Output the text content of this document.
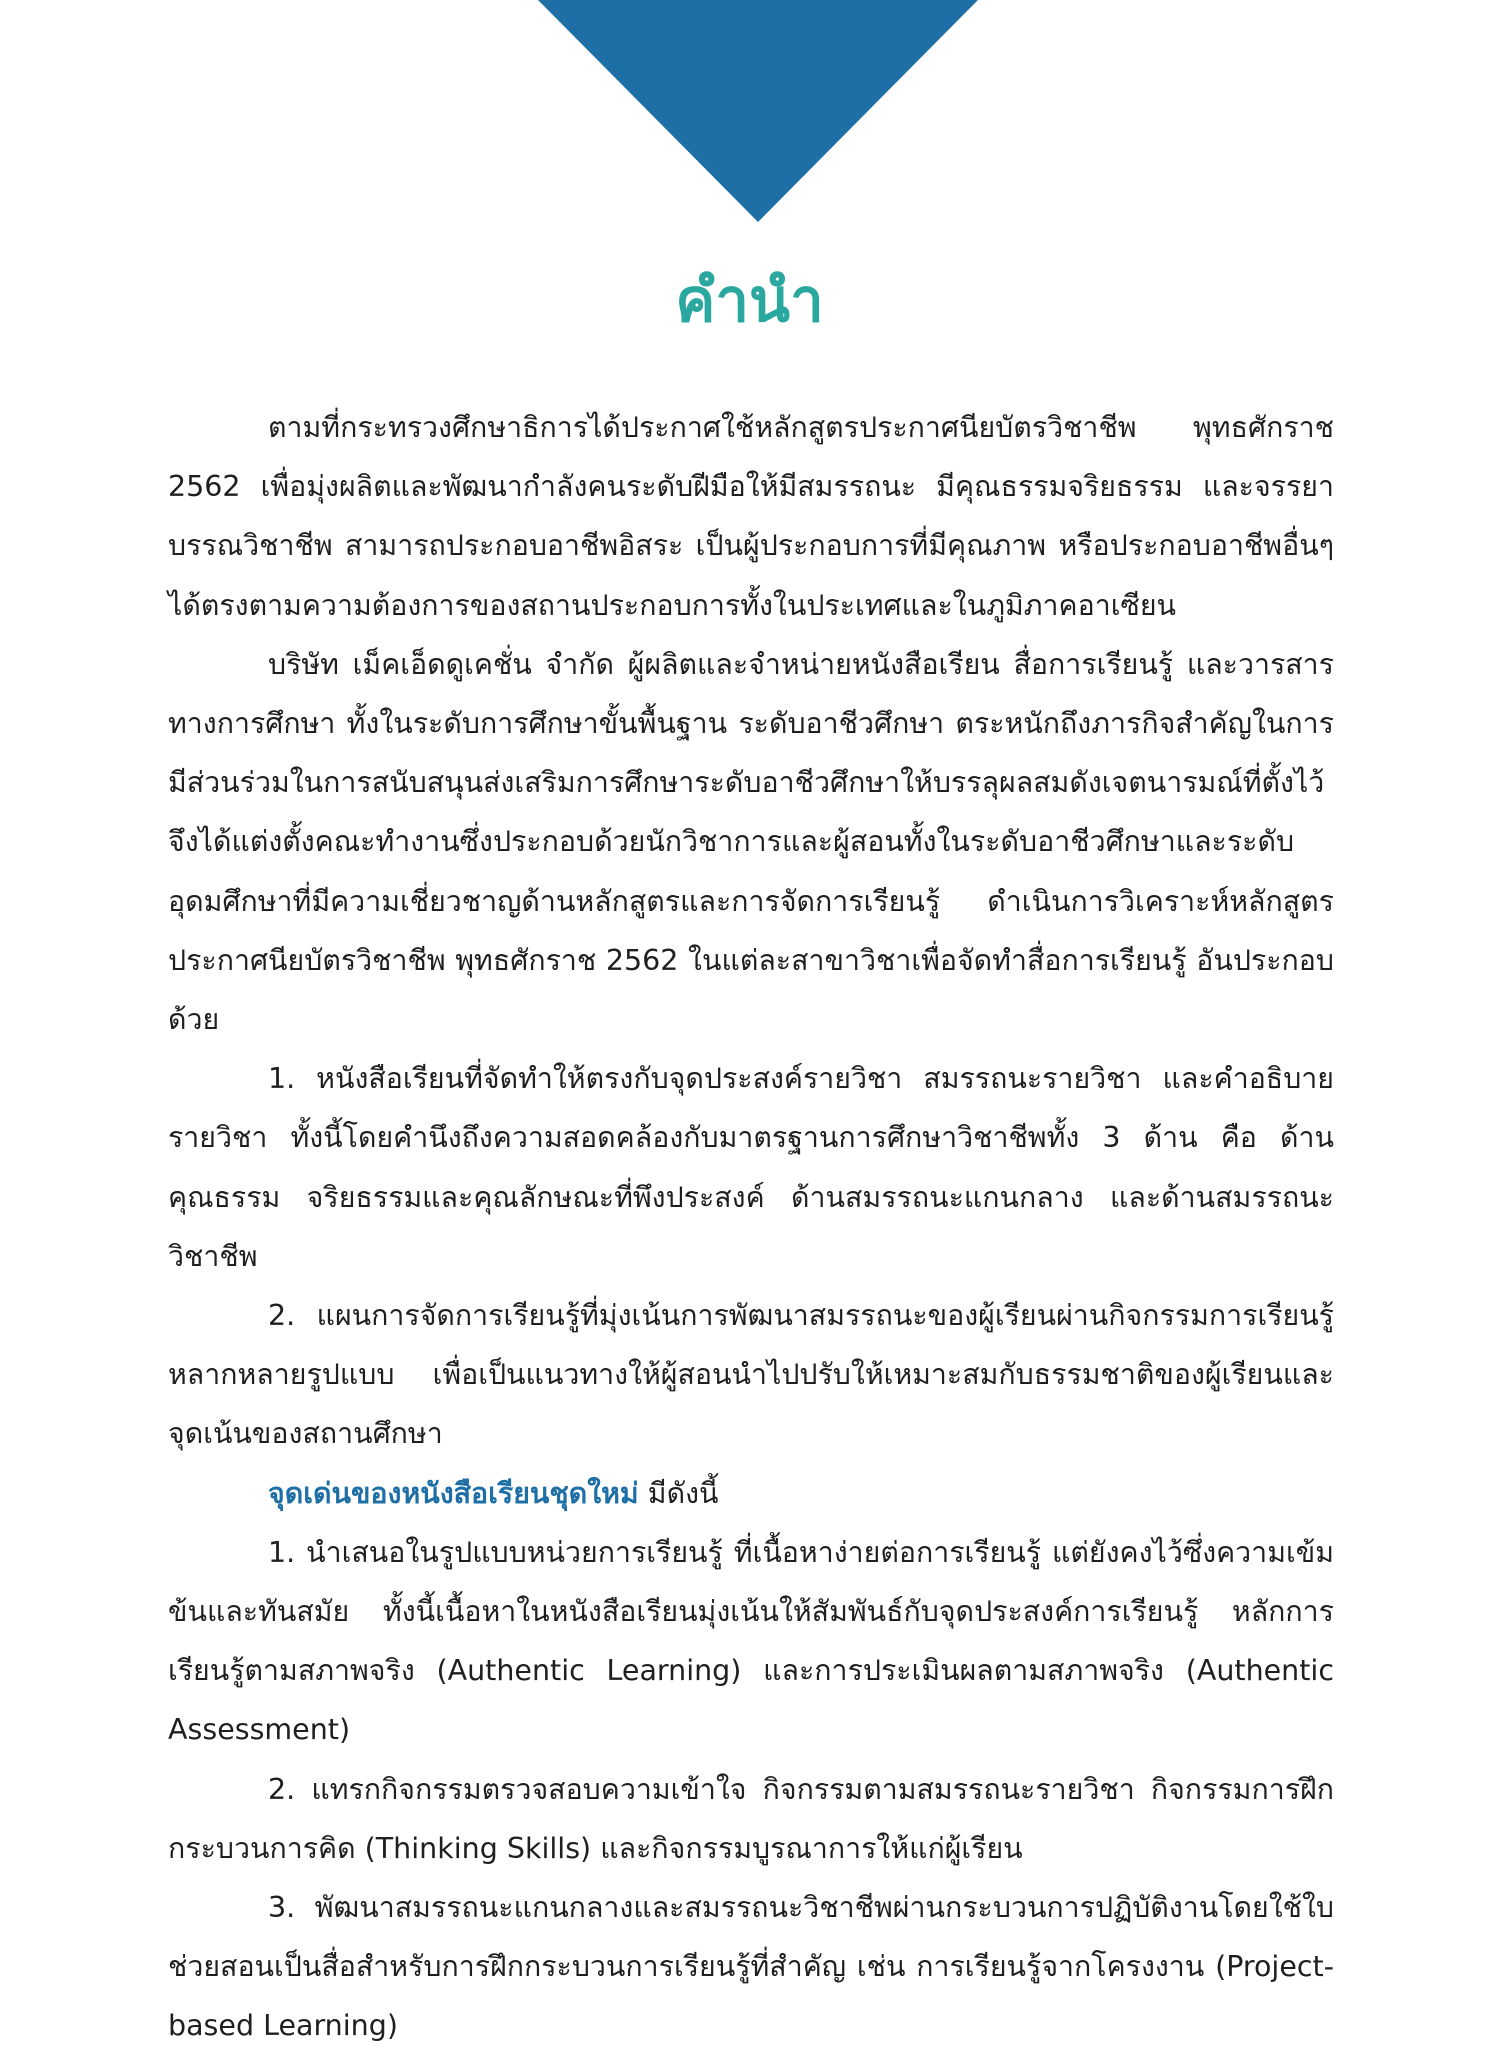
คำนำ

ตามที่กระทรวงศึกษาธิการได้ประกาศใช้หลักสูตรประกาศนียบัตรวิชาชีพ พุทธศักราช 2562 เพื่อมุ่งผลิตและพัฒนากำลังคนระดับฝีมือให้มีสมรรถนะ มีคุณธรรมจริยธรรม และจรรยาบรรณวิชาชีพ สามารถประกอบอาชีพอิสระ เป็นผู้ประกอบการที่มีคุณภาพ หรือประกอบอาชีพอื่นๆ ได้ตรงตามความต้องการของสถานประกอบการทั้งในประเทศและในภูมิภาคอาเซียน

บริษัท เม็คเอ็ดดูเคชั่น จำกัด ผู้ผลิตและจำหน่ายหนังสือเรียน สื่อการเรียนรู้ และวารสารทางการศึกษา ทั้งในระดับการศึกษาขั้นพื้นฐาน ระดับอาชีวศึกษา ตระหนักถึงภารกิจสำคัญในการมีส่วนร่วมในการสนับสนุนส่งเสริมการศึกษาระดับอาชีวศึกษาให้บรรลุผลสมดังเจตนารมณ์ที่ตั้งไว้ จึงได้แต่งตั้งคณะทำงานซึ่งประกอบด้วยนักวิชาการและผู้สอนทั้งในระดับอาชีวศึกษาและระดับอุดมศึกษาที่มีความเชี่ยวชาญด้านหลักสูตรและการจัดการเรียนรู้ ดำเนินการวิเคราะห์หลักสูตรประกาศนียบัตรวิชาชีพ พุทธศักราช 2562 ในแต่ละสาขาวิชาเพื่อจัดทำสื่อการเรียนรู้ อันประกอบด้วย

1. หนังสือเรียนที่จัดทำให้ตรงกับจุดประสงค์รายวิชา สมรรถนะรายวิชา และคำอธิบายรายวิชา ทั้งนี้โดยคำนึงถึงความสอดคล้องกับมาตรฐานการศึกษาวิชาชีพทั้ง 3 ด้าน คือ ด้านคุณธรรม จริยธรรมและคุณลักษณะที่พึงประสงค์ ด้านสมรรถนะแกนกลาง และด้านสมรรถนะวิชาชีพ

2. แผนการจัดการเรียนรู้ที่มุ่งเน้นการพัฒนาสมรรถนะของผู้เรียนผ่านกิจกรรมการเรียนรู้หลากหลายรูปแบบ เพื่อเป็นแนวทางให้ผู้สอนนำไปปรับให้เหมาะสมกับธรรมชาติของผู้เรียนและจุดเน้นของสถานศึกษา

จุดเด่นของหนังสือเรียนชุดใหม่ มีดังนี้

1. นำเสนอในรูปแบบหน่วยการเรียนรู้ ที่เนื้อหาง่ายต่อการเรียนรู้ แต่ยังคงไว้ซึ่งความเข้มข้นและทันสมัย ทั้งนี้เนื้อหาในหนังสือเรียนมุ่งเน้นให้สัมพันธ์กับจุดประสงค์การเรียนรู้ หลักการเรียนรู้ตามสภาพจริง (Authentic Learning) และการประเมินผลตามสภาพจริง (Authentic Assessment)

2. แทรกกิจกรรมตรวจสอบความเข้าใจ กิจกรรมตามสมรรถนะรายวิชา กิจกรรมการฝึกกระบวนการคิด (Thinking Skills) และกิจกรรมบูรณาการให้แก่ผู้เรียน

3. พัฒนาสมรรถนะแกนกลางและสมรรถนะวิชาชีพผ่านกระบวนการปฏิบัติงานโดยใช้ใบช่วยสอนเป็นสื่อสำหรับการฝึกกระบวนการเรียนรู้ที่สำคัญ เช่น การเรียนรู้จากโครงงาน (Project-based Learning)
